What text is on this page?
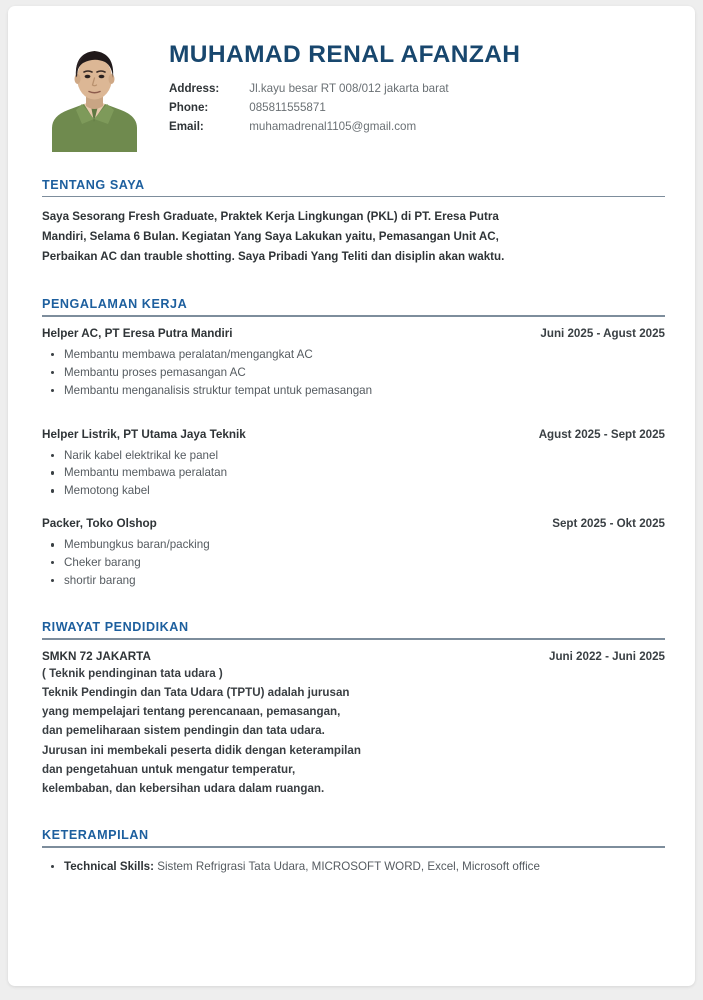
MUHAMAD RENAL AFANZAH
Address:	Jl.kayu besar RT 008/012 jakarta barat
Phone:	085811555871
Email:	muhamadrenal1105@gmail.com
TENTANG SAYA
Saya Sesorang Fresh Graduate, Praktek Kerja Lingkungan (PKL) di PT. Eresa Putra Mandiri, Selama 6 Bulan. Kegiatan Yang Saya Lakukan yaitu, Pemasangan Unit AC, Perbaikan AC dan trauble shotting. Saya Pribadi Yang Teliti dan disiplin akan waktu.
PENGALAMAN KERJA
Helper AC, PT Eresa Putra Mandiri	Juni 2025 - Agust 2025
Membantu membawa peralatan/mengangkat AC
Membantu proses pemasangan AC
Membantu menganalisis struktur tempat untuk pemasangan
Helper Listrik, PT Utama Jaya Teknik	Agust 2025 - Sept 2025
Narik kabel elektrikal ke panel
Membantu membawa peralatan
Memotong kabel
Packer, Toko Olshop	Sept 2025 - Okt 2025
Membungkus baran/packing
Cheker barang
shortir barang
RIWAYAT PENDIDIKAN
SMKN 72 JAKARTA	Juni 2022 - Juni 2025
( Teknik pendinginan tata udara )
Teknik Pendingin dan Tata Udara (TPTU) adalah jurusan
yang mempelajari tentang perencanaan, pemasangan,
dan pemeliharaan sistem pendingin dan tata udara.
Jurusan ini membekali peserta didik dengan keterampilan
dan pengetahuan untuk mengatur temperatur,
kelembaban, dan kebersihan udara dalam ruangan.
KETERAMPILAN
Technical Skills: Sistem Refrigrasi Tata Udara, MICROSOFT WORD, Excel, Microsoft office
